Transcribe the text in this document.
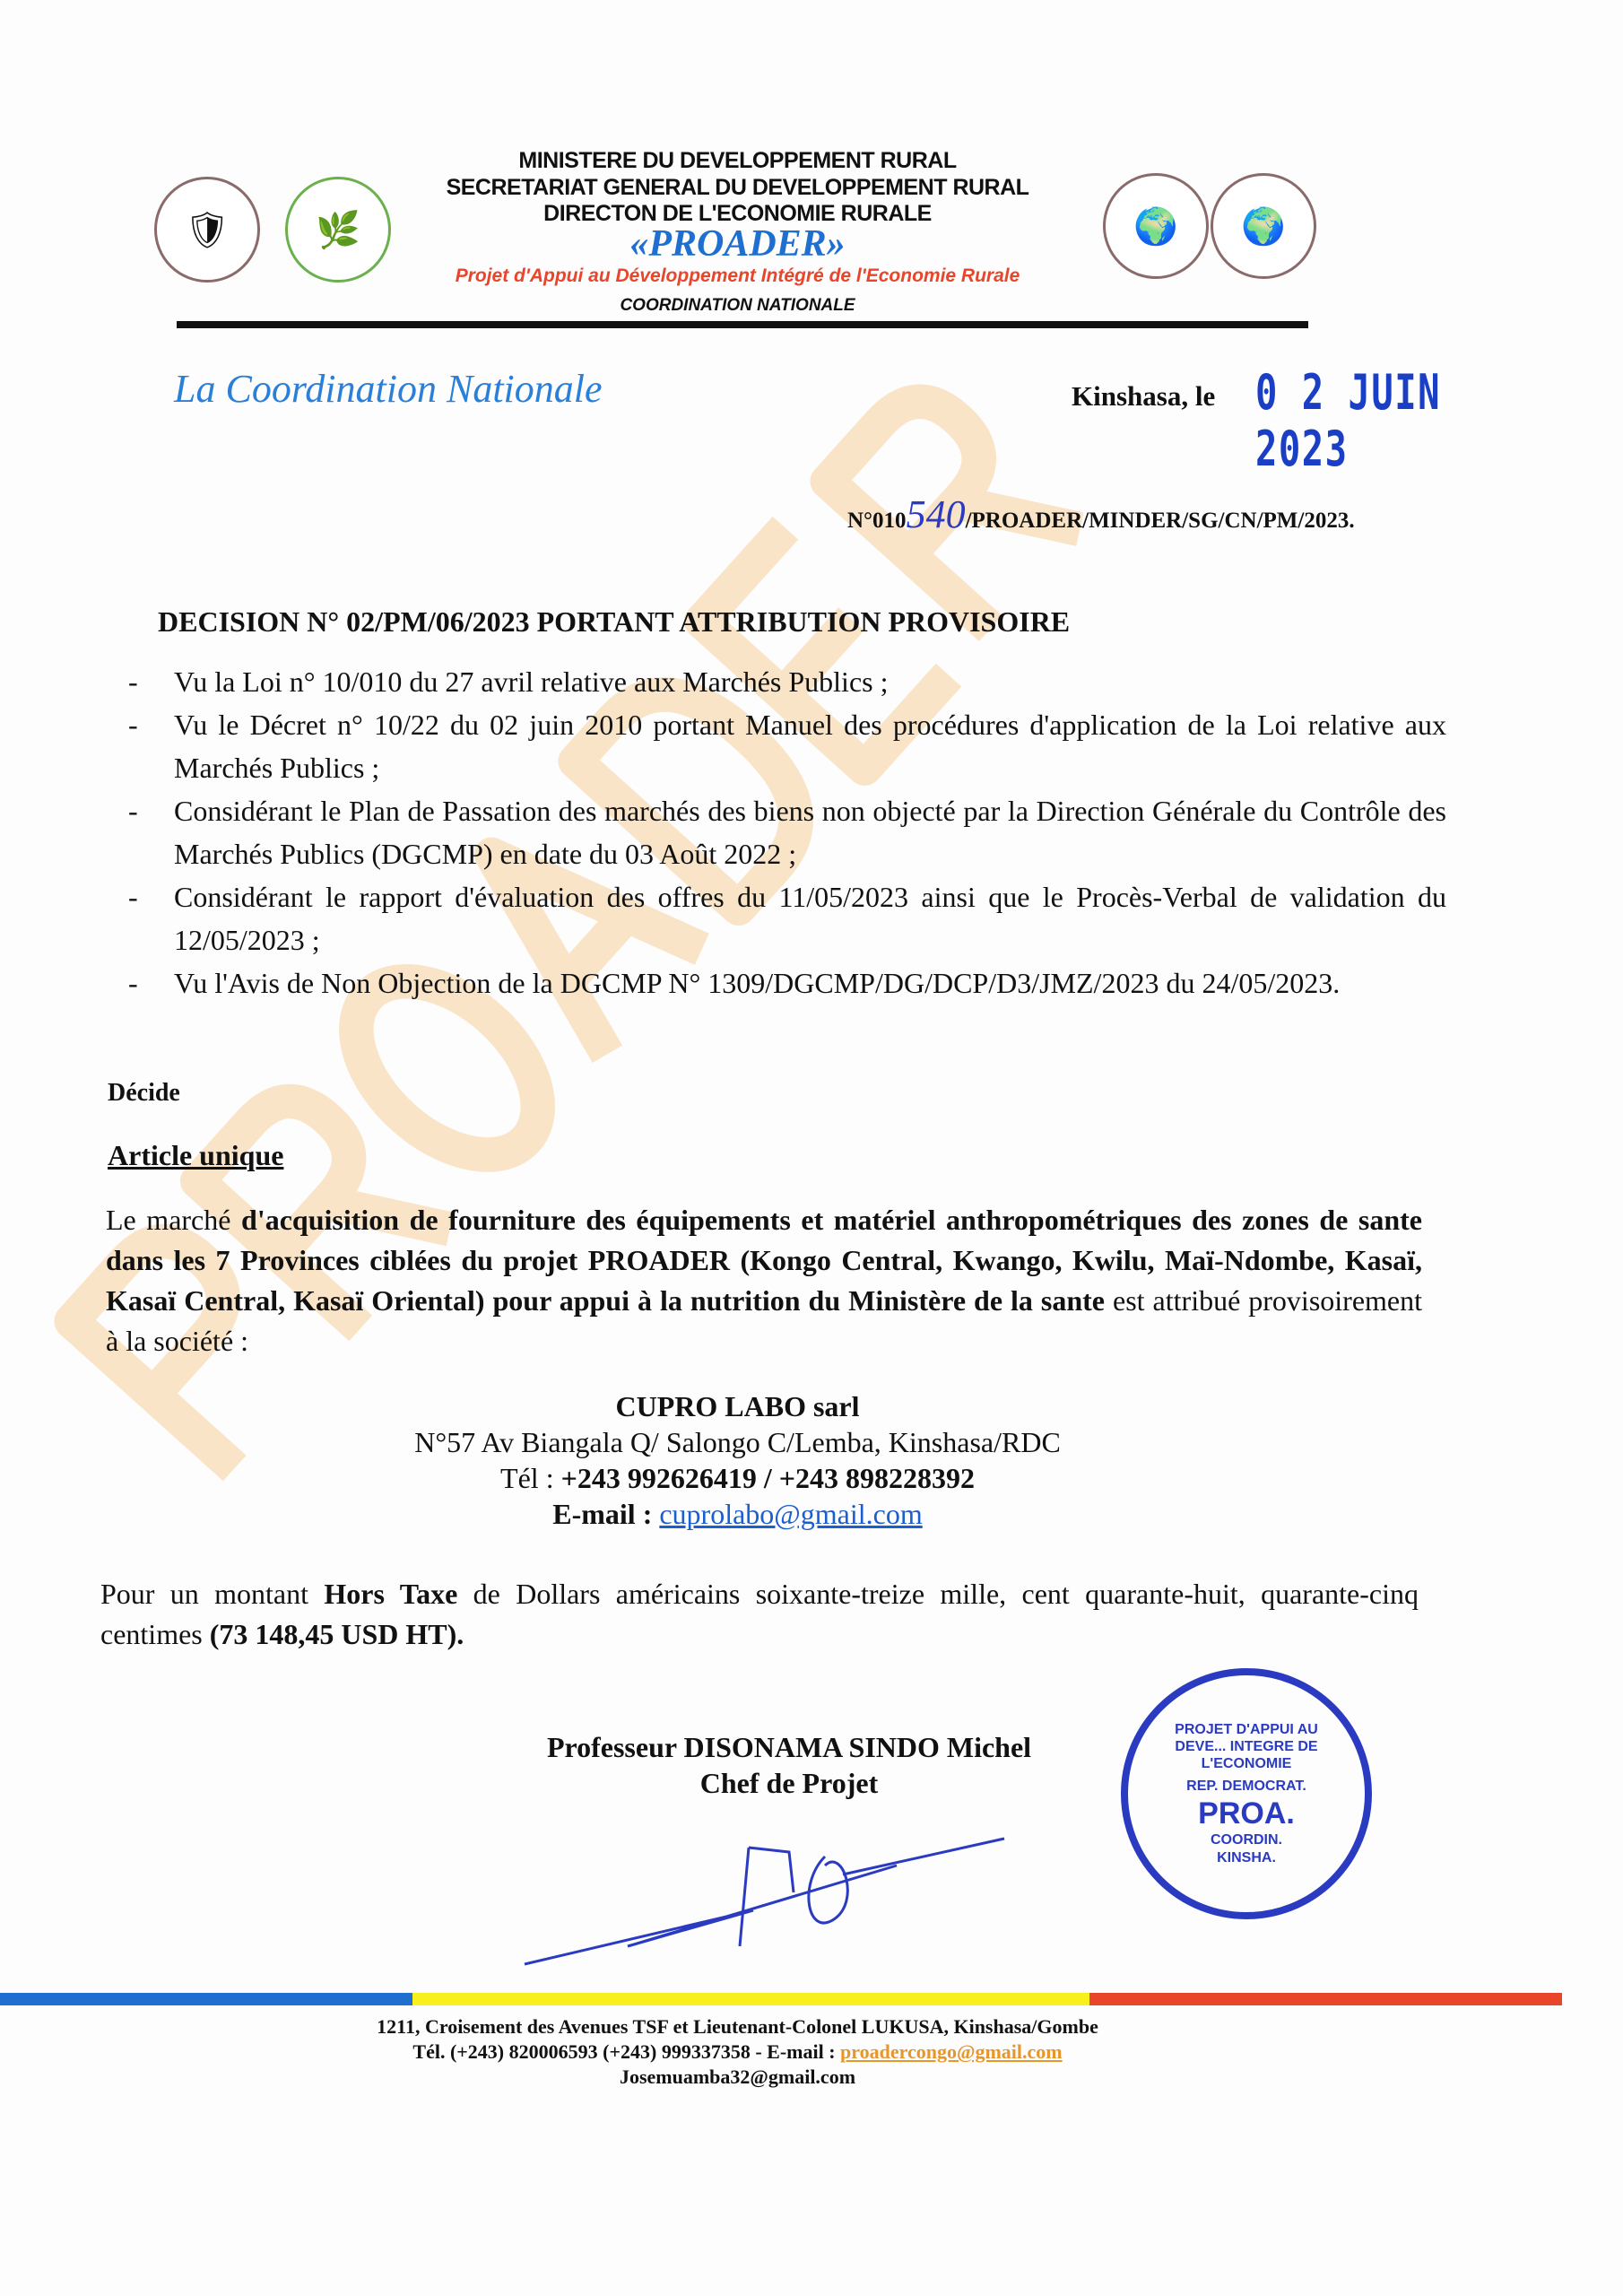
🛡	🌿	🌍 🌍
MINISTERE DU DEVELOPPEMENT RURAL
SECRETARIAT GENERAL DU DEVELOPPEMENT RURAL
DIRECTON DE L'ECONOMIE RURALE
«PROADER»
Projet d'Appui au Développement Intégré de l'Economie Rurale
COORDINATION NATIONALE
La Coordination Nationale	Kinshasa, le 0 2 JUIN 2023
N°010540/PROADER/MINDER/SG/CN/PM/2023.
DECISION N° 02/PM/06/2023 PORTANT ATTRIBUTION PROVISOIRE
- Vu la Loi n° 10/010 du 27 avril relative aux Marchés Publics ;
- Vu le Décret n° 10/22 du 02 juin 2010 portant Manuel des procédures d'application de la Loi relative aux Marchés Publics ;
- Considérant le Plan de Passation des marchés des biens non objecté par la Direction Générale du Contrôle des Marchés Publics (DGCMP) en date du 03 Août 2022 ;
- Considérant le rapport d'évaluation des offres du 11/05/2023 ainsi que le Procès-Verbal de validation du 12/05/2023 ;
- Vu l'Avis de Non Objection de la DGCMP N° 1309/DGCMP/DG/DCP/D3/JMZ/2023 du 24/05/2023.
Décide
Article unique
Le marché d'acquisition de fourniture des équipements et matériel anthropométriques des zones de sante dans les 7 Provinces ciblées du projet PROADER (Kongo Central, Kwango, Kwilu, Maï-Ndombe, Kasaï, Kasaï Central, Kasaï Oriental) pour appui à la nutrition du Ministère de la sante est attribué provisoirement à la société :
CUPRO LABO sarl
N°57 Av Biangala Q/ Salongo C/Lemba, Kinshasa/RDC
Tél : +243 992626419 / +243 898228392
E-mail : cuprolabo@gmail.com
Pour un montant Hors Taxe de Dollars américains soixante-treize mille, cent quarante-huit, quarante-cinq centimes (73 148,45 USD HT).
Professeur DISONAMA SINDO Michel
Chef de Projet
PROJET D'APPUI AU DEVE... INTEGRE DE L'ECONOMIE
REP. DEMOCRAT.
PROA.
COORDIN.
KINSHA.
1211, Croisement des Avenues TSF et Lieutenant-Colonel LUKUSA, Kinshasa/Gombe
Tél. (+243) 820006593 (+243) 999337358 - E-mail : proadercongo@gmail.com
Josemuamba32@gmail.com
